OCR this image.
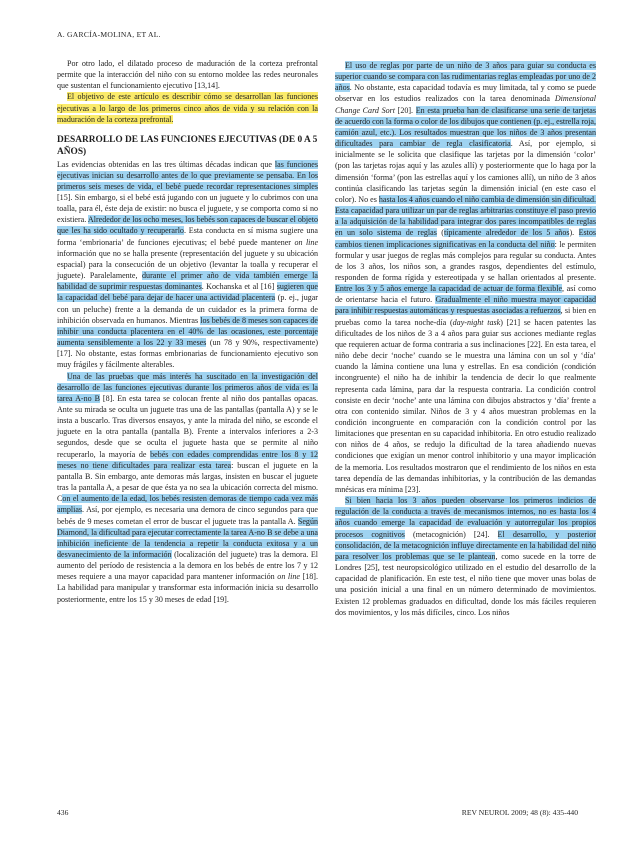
A. GARCÍA-MOLINA, ET AL.

Por otro lado, el dilatado proceso de maduración de la corteza prefrontal permite que la interacción del niño con su entorno moldee las redes neuronales que sustentan el funcionamiento ejecutivo [13,14].

El objetivo de este artículo es describir cómo se desarrollan las funciones ejecutivas a lo largo de los primeros cinco años de vida y su relación con la maduración de la corteza prefrontal.

DESARROLLO DE LAS FUNCIONES EJECUTIVAS (DE 0 A 5 AÑOS)

Las evidencias obtenidas en las tres últimas décadas indican que las funciones ejecutivas inician su desarrollo antes de lo que previamente se pensaba. En los primeros seis meses de vida, el bebé puede recordar representaciones simples [15]. Sin embargo, si el bebé está jugando con un juguete y lo cubrimos con una toalla, para él, éste deja de existir: no busca el juguete, y se comporta como si no existiera. Alrededor de los ocho meses, los bebés son capaces de buscar el objeto que les ha sido ocultado y recuperarlo. Esta conducta en sí misma sugiere una forma ‘embrionaria’ de funciones ejecutivas; el bebé puede mantener on line información que no se halla presente (representación del juguete y su ubicación espacial) para la consecución de un objetivo (levantar la toalla y recuperar el juguete). Paralelamente, durante el primer año de vida también emerge la habilidad de suprimir respuestas dominantes. Kochanska et al [16] sugieren que la capacidad del bebé para dejar de hacer una actividad placentera (p. ej., jugar con un peluche) frente a la demanda de un cuidador es la primera forma de inhibición observada en humanos. Mientras los bebés de 8 meses son capaces de inhibir una conducta placentera en el 40% de las ocasiones, este porcentaje aumenta sensiblemente a los 22 y 33 meses (un 78 y 90%, respectivamente) [17]. No obstante, estas formas embrionarias de funcionamiento ejecutivo son muy frágiles y fácilmente alterables.

Una de las pruebas que más interés ha suscitado en la investigación del desarrollo de las funciones ejecutivas durante los primeros años de vida es la tarea A-no B [8]. En esta tarea se colocan frente al niño dos pantallas opacas. Ante su mirada se oculta un juguete tras una de las pantallas (pantalla A) y se le insta a buscarlo. Tras diversos ensayos, y ante la mirada del niño, se esconde el juguete en la otra pantalla (pantalla B). Frente a intervalos inferiores a 2-3 segundos, desde que se oculta el juguete hasta que se permite al niño recuperarlo, la mayoría de bebés con edades comprendidas entre los 8 y 12 meses no tiene dificultades para realizar esta tarea: buscan el juguete en la pantalla B. Sin embargo, ante demoras más largas, insisten en buscar el juguete tras la pantalla A, a pesar de que ésta ya no sea la ubicación correcta del mismo. Con el aumento de la edad, los bebés resisten demoras de tiempo cada vez más amplias. Así, por ejemplo, es necesaria una demora de cinco segundos para que bebés de 9 meses cometan el error de buscar el juguete tras la pantalla A. Según Diamond, la dificultad para ejecutar correctamente la tarea A-no B se debe a una inhibición ineficiente de la tendencia a repetir la conducta exitosa y a un desvanecimiento de la información (localización del juguete) tras la demora. El aumento del período de resistencia a la demora en los bebés de entre los 7 y 12 meses requiere a una mayor capacidad para mantener información on line [18]. La habilidad para manipular y transformar esta información inicia su desarrollo posteriormente, entre los 15 y 30 meses de edad [19].

El uso de reglas por parte de un niño de 3 años para guiar su conducta es superior cuando se compara con las rudimentarias reglas empleadas por uno de 2 años. No obstante, esta capacidad todavía es muy limitada, tal y como se puede observar en los estudios realizados con la tarea denominada Dimensional Change Card Sort [20]. En esta prueba han de clasificarse una serie de tarjetas de acuerdo con la forma o color de los dibujos que contienen (p. ej., estrella roja, camión azul, etc.). Los resultados muestran que los niños de 3 años presentan dificultades para cambiar de regla clasificatoria. Así, por ejemplo, si inicialmente se le solicita que clasifique las tarjetas por la dimensión ‘color’ (pon las tarjetas rojas aquí y las azules allí) y posteriormente que lo haga por la dimensión ‘forma’ (pon las estrellas aquí y los camiones allí), un niño de 3 años continúa clasificando las tarjetas según la dimensión inicial (en este caso el color). No es hasta los 4 años cuando el niño cambia de dimensión sin dificultad. Esta capacidad para utilizar un par de reglas arbitrarias constituye el paso previo a la adquisición de la habilidad para integrar dos pares incompatibles de reglas en un solo sistema de reglas (típicamente alrededor de los 5 años). Estos cambios tienen implicaciones significativas en la conducta del niño: le permiten formular y usar juegos de reglas más complejos para regular su conducta. Antes de los 3 años, los niños son, a grandes rasgos, dependientes del estímulo, responden de forma rígida y estereotipada y se hallan orientados al presente. Entre los 3 y 5 años emerge la capacidad de actuar de forma flexible, así como de orientarse hacia el futuro. Gradualmente el niño muestra mayor capacidad para inhibir respuestas automáticas y respuestas asociadas a refuerzos, si bien en pruebas como la tarea noche-día (day-night task) [21] se hacen patentes las dificultades de los niños de 3 a 4 años para guiar sus acciones mediante reglas que requieren actuar de forma contraria a sus inclinaciones [22]. En esta tarea, el niño debe decir ‘noche’ cuando se le muestra una lámina con un sol y ‘día’ cuando la lámina contiene una luna y estrellas. En esa condición (condición incongruente) el niño ha de inhibir la tendencia de decir lo que realmente representa cada lámina, para dar la respuesta contraria. La condición control consiste en decir ‘noche’ ante una lámina con dibujos abstractos y ‘día’ frente a otra con contenido similar. Niños de 3 y 4 años muestran problemas en la condición incongruente en comparación con la condición control por las limitaciones que presentan en su capacidad inhibitoria. En otro estudio realizado con niños de 4 años, se redujo la dificultad de la tarea añadiendo nuevas condiciones que exigían un menor control inhibitorio y una mayor implicación de la memoria. Los resultados mostraron que el rendimiento de los niños en esta tarea dependía de las demandas inhibitorias, y la contribución de las demandas mnésicas era mínima [23].

Si bien hacia los 3 años pueden observarse los primeros indicios de regulación de la conducta a través de mecanismos internos, no es hasta los 4 años cuando emerge la capacidad de evaluación y autorregular los propios procesos cognitivos (metacognición) [24]. El desarrollo, y posterior consolidación, de la metacognición influye directamente en la habilidad del niño para resolver los problemas que se le plantean, como sucede en la torre de Londres [25], test neuropsicológico utilizado en el estudio del desarrollo de la capacidad de planificación. En este test, el niño tiene que mover unas bolas de una posición inicial a una final en un número determinado de movimientos. Existen 12 problemas graduados en dificultad, donde los más fáciles requieren dos movimientos, y los más difíciles, cinco. Los niños

436	REV NEUROL 2009; 48 (8): 435-440
